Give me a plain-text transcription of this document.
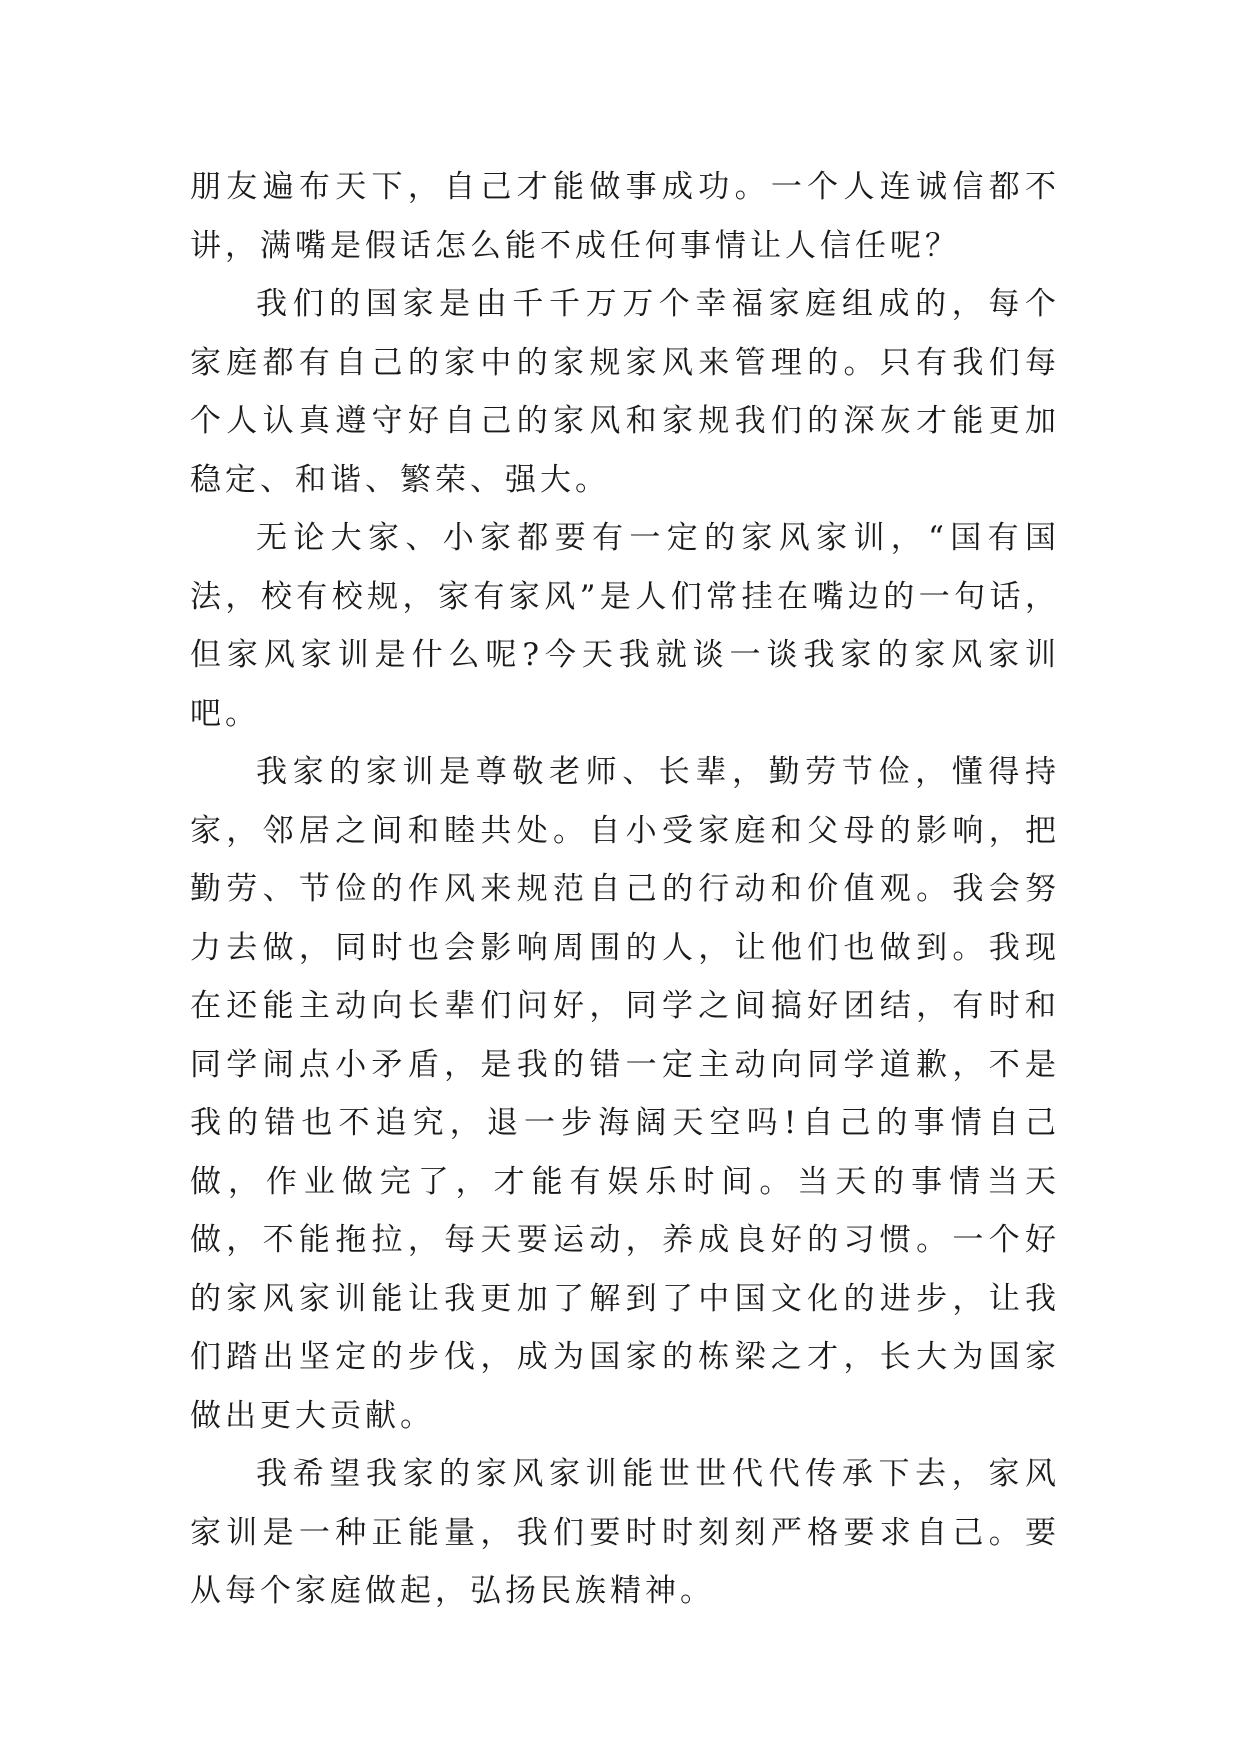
朋友遍布天下，自己才能做事成功。一个人连诚信都不讲，满嘴是假话怎么能不成任何事情让人信任呢？

我们的国家是由千千万万个幸福家庭组成的，每个家庭都有自己的家中的家规家风来管理的。只有我们每个人认真遵守好自己的家风和家规我们的深灰才能更加稳定、和谐、繁荣、强大。

无论大家、小家都要有一定的家风家训，“国有国法，校有校规，家有家风”是人们常挂在嘴边的一句话，但家风家训是什么呢?今天我就谈一谈我家的家风家训吧。

我家的家训是尊敬老师、长辈，勤劳节俭，懂得持家，邻居之间和睦共处。自小受家庭和父母的影响，把勤劳、节俭的作风来规范自己的行动和价值观。我会努力去做，同时也会影响周围的人，让他们也做到。我现在还能主动向长辈们问好，同学之间搞好团结，有时和同学闹点小矛盾，是我的错一定主动向同学道歉，不是我的错也不追究，退一步海阔天空吗!自己的事情自己做，作业做完了，才能有娱乐时间。当天的事情当天做，不能拖拉，每天要运动，养成良好的习惯。一个好的家风家训能让我更加了解到了中国文化的进步，让我们踏出坚定的步伐，成为国家的栋梁之才，长大为国家做出更大贡献。

我希望我家的家风家训能世世代代传承下去，家风家训是一种正能量，我们要时时刻刻严格要求自己。要从每个家庭做起，弘扬民族精神。
